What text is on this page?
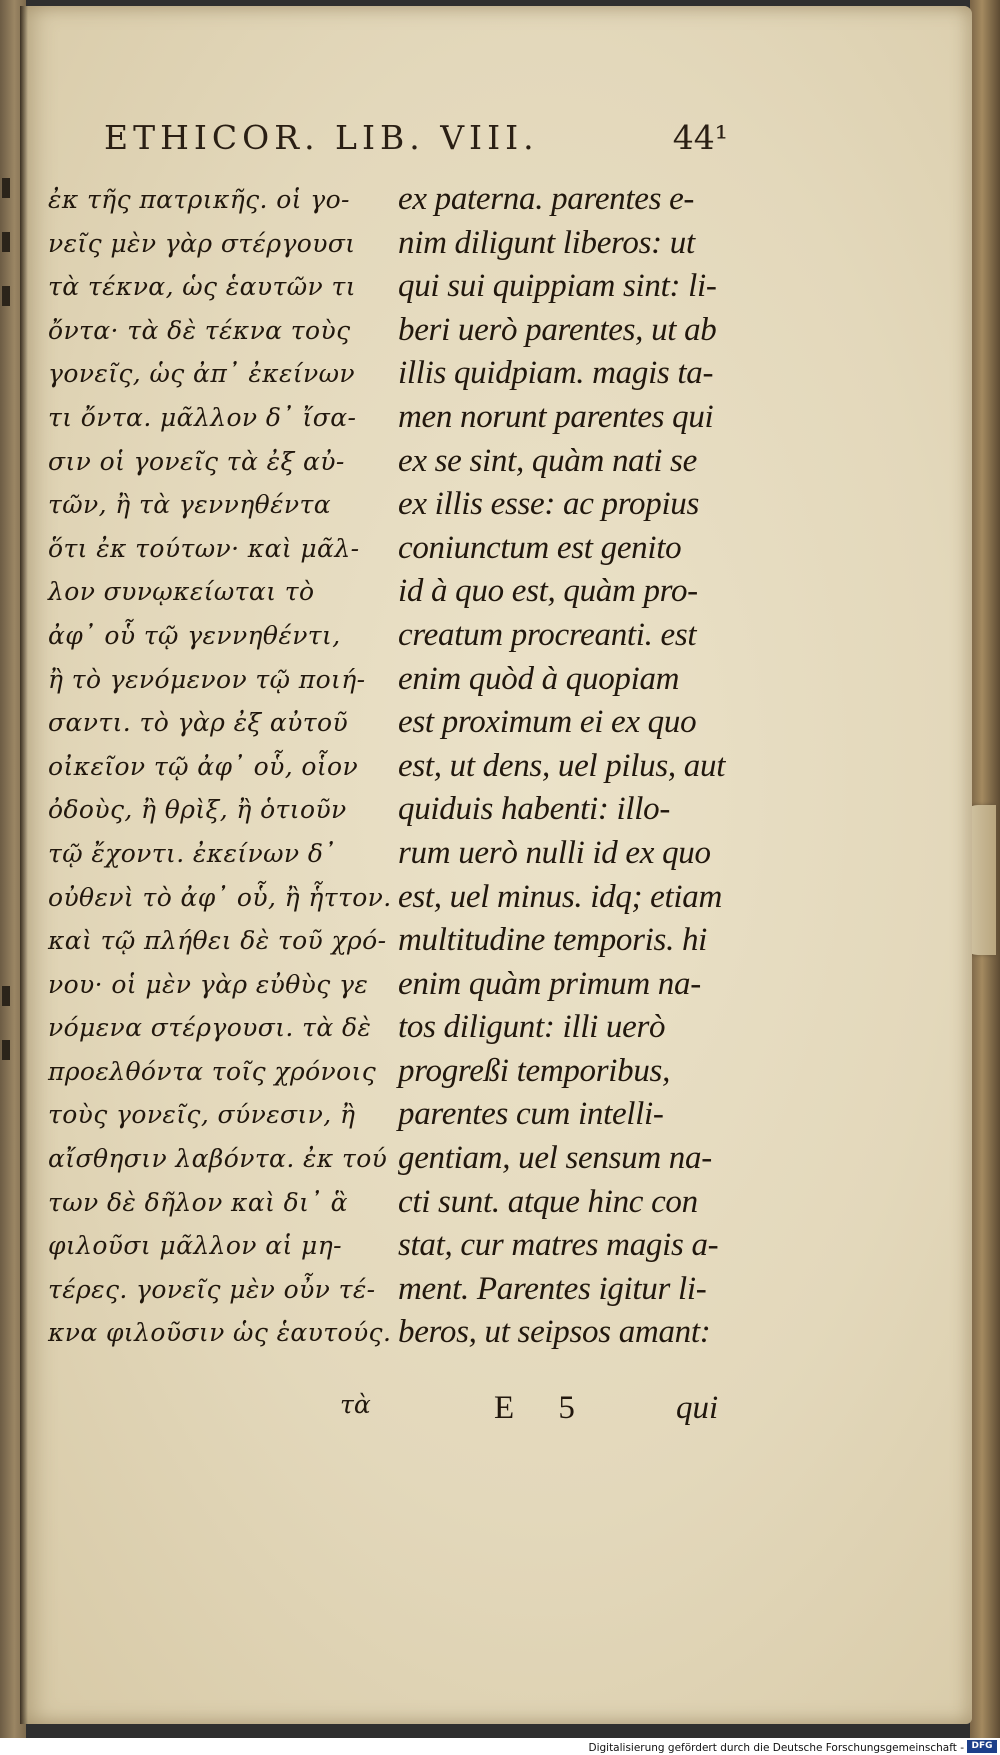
ETHICOR. LIB. VIII.	44¹
ἐκ τῆς πατρικῆς. οἱ γο-
νεῖς μὲν γὰρ στέργουσι
τὰ τέκνα, ὡς ἑαυτῶν τι
ὄντα· τὰ δὲ τέκνα τοὺς
γονεῖς, ὡς ἀπ᾽ ἐκείνων
τι ὄντα. μᾶλλον δ᾽ ἴσα-
σιν οἱ γονεῖς τὰ ἐξ αὐ-
τῶν, ἢ τὰ γεννηθέντα
ὅτι ἐκ τούτων· καὶ μᾶλ-
λον συνῳκείωται τὸ
ἀφ᾽ οὗ τῷ γεννηθέντι,
ἢ τὸ γενόμενον τῷ ποιή-
σαντι. τὸ γὰρ ἐξ αὐτοῦ
οἰκεῖον τῷ ἀφ᾽ οὗ, οἷον
ὀδοὺς, ἢ θρὶξ, ἢ ὁτιοῦν
τῷ ἔχοντι. ἐκείνων δ᾽
οὐθενὶ τὸ ἀφ᾽ οὗ, ἢ ἧττον.
καὶ τῷ πλήθει δὲ τοῦ χρό-
νου· οἱ μὲν γὰρ εὐθὺς γε
νόμενα στέργουσι. τὰ δὲ
προελθόντα τοῖς χρόνοις
τοὺς γονεῖς, σύνεσιν, ἢ
αἴσθησιν λαβόντα. ἐκ τού
των δὲ δῆλον καὶ δι᾽ ἃ
φιλοῦσι μᾶλλον αἱ μη-
τέρες. γονεῖς μὲν οὖν τέ-
κνα φιλοῦσιν ὡς ἑαυτούς.
ex paterna. parentes e-
nim diligunt liberos: ut
qui sui quippiam sint: li-
beri uerò parentes, ut ab
illis quidpiam. magis ta-
men norunt parentes qui
ex se sint, quàm nati se
ex illis esse: ac propius
coniunctum est genito
id à quo est, quàm pro-
creatum procreanti. est
enim quòd à quopiam
est proximum ei ex quo
est, ut dens, uel pilus, aut
quiduis habenti: illo-
rum uerò nulli id ex quo
est, uel minus. idq; etiam
multitudine temporis. hi
enim quàm primum na-
tos diligunt: illi uerò
progreßi temporibus,
parentes cum intelli-
gentiam, uel sensum na-
cti sunt. atque hinc con
stat, cur matres magis a-
ment. Parentes igitur li-
beros, ut seipsos amant:
τὰ	E 5	qui
Digitalisierung gefördert durch die Deutsche Forschungsgemeinschaft - DFG
